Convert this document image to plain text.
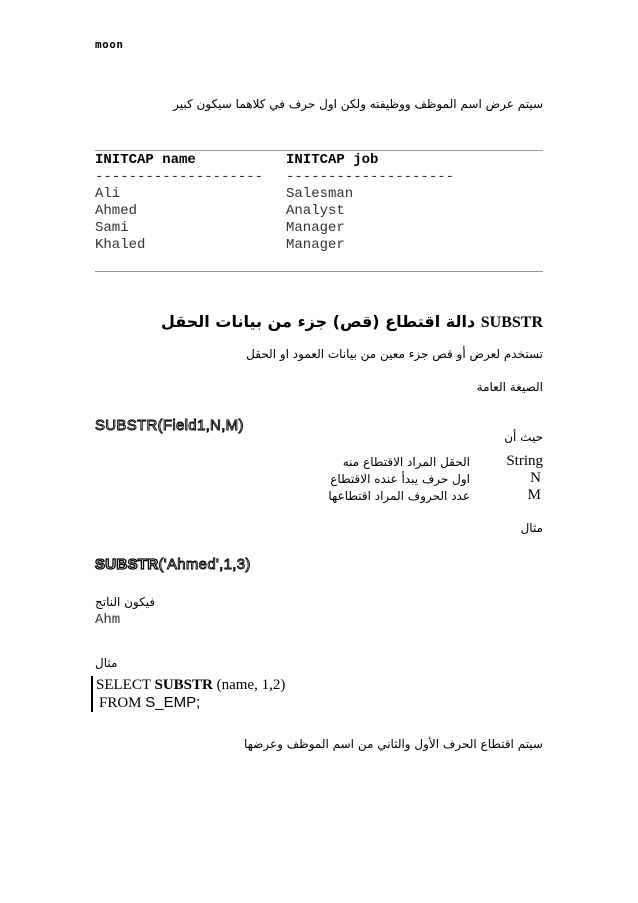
moon
سيتم عرض اسم الموظف ووظيفته ولكن اول حرف في كلاهما سيكون كبير
INITCAP name	INITCAP job
-------------------- --------------------
Ali	Salesman
Ahmed	Analyst
Sami	Manager
Khaled	Manager
SUBSTR دالة اقتطاع (قص) جزء من بيانات الحقل
تستخدم لعرض أو قص جزء معين من بيانات العمود او الحقل
الصيغة العامة
SUBSTR(Field1,N,M)
حيث أن
String
الحقل المراد الاقتطاع منه
N
اول حرف يبدأ عنده الاقتطاع
M
عدد الحروف المراد اقتطاعها
مثال
SUBSTR('Ahmed',1,3)
فيكون الناتج
Ahm
مثال
SELECT SUBSTR (name, 1,2)
FROM S_EMP;
سيتم اقتطاع الحرف الأول والثاني من اسم الموظف وعرضها
